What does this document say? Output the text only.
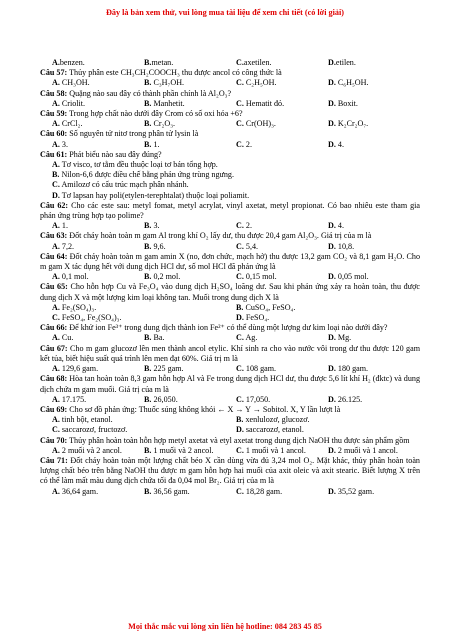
Đây là bản xem thử, vui lòng mua tài liệu để xem chi tiết (có lời giải)
A.benzen.	B.metan.	C.axetilen.	D.etilen.
Câu 57: Thủy phân este CH₃CH₂COOCH₃ thu được ancol có công thức là
A. CH₃OH.	B. C₃H₇OH.	C. C₂H₅OH.	D. C₆H₅OH.
Câu 58: Quặng nào sau đây có thành phần chính là Al₂O₃?
A. Criolit.	B. Manhetit.	C. Hematit đỏ.	D. Boxit.
Câu 59: Trong hợp chất nào dưới đây Crom có số oxi hóa +6?
A. CrCl₂.	B. Cr₂O₃.	C. Cr(OH)₃.	D. K₂Cr₂O₇.
Câu 60: Số nguyên tử nitơ trong phân tử lysin là
A. 3.	B. 1.	C. 2.	D. 4.
Câu 61: Phát biểu nào sau đây đúng?
A. Tơ visco, tơ tằm đều thuộc loại tơ bán tổng hợp.
B. Nilon-6,6 được điều chế bằng phản ứng trùng ngưng.
C. Amilozơ có cấu trúc mạch phân nhánh.
D. Tơ lapsan hay poli(etylen-terephtalat) thuộc loại poliamit.
Câu 62: Cho các este sau: metyl fomat, metyl acrylat, vinyl axetat, metyl propionat. Có bao nhiêu este tham gia phản ứng trùng hợp tạo polime?
A. 1.	B. 3.	C. 2.	D. 4.
Câu 63: Đốt cháy hoàn toàn m gam Al trong khí O₂ lấy dư, thu được 20,4 gam Al₂O₃. Giá trị của m là
A. 7,2.	B. 9,6.	C. 5,4.	D. 10,8.
Câu 64: Đốt cháy hoàn toàn m gam amin X (no, đơn chức, mạch hở) thu được 13,2 gam CO₂ và 8,1 gam H₂O. Cho m gam X tác dụng hết với dung dịch HCl dư, số mol HCl đã phản ứng là
A. 0,1 mol.	B. 0,2 mol.	C. 0,15 mol.	D. 0,05 mol.
Câu 65: Cho hỗn hợp Cu và Fe₃O₄ vào dung dịch H₂SO₄ loãng dư. Sau khi phản ứng xảy ra hoàn toàn, thu được dung dịch X và một lượng kim loại không tan. Muối trong dung dịch X là
A. Fe₂(SO₄)₃.	B. CuSO₄, FeSO₄.
C. FeSO₄, Fe₂(SO₄)₃.	D. FeSO₄.
Câu 66: Để khử ion Fe³⁺ trong dung dịch thành ion Fe²⁺ có thể dùng một lượng dư kim loại nào dưới đây?
A. Cu.	B. Ba.	C. Ag.	D. Mg.
Câu 67: Cho m gam glucozơ lên men thành ancol etylic. Khí sinh ra cho vào nước vôi trong dư thu được 120 gam kết tủa, biết hiệu suất quá trình lên men đạt 60%. Giá trị m là
A. 129,6 gam.	B. 225 gam.	C. 108 gam.	D. 180 gam.
Câu 68: Hòa tan hoàn toàn 8,3 gam hỗn hợp Al và Fe trong dung dịch HCl dư, thu được 5,6 lít khí H₂ (đktc) và dung dịch chứa m gam muối. Giá trị của m là
A. 17.175.	B. 26,050.	C. 17,050.	D. 26.125.
Câu 69: Cho sơ đồ phản ứng: Thuốc súng không khói ← X → Y → Sobitol. X, Y lần lượt là
A. tinh bột, etanol.	B. xenlulozơ, glucozơ.
C. saccarozơ, fructozơ.	D. saccarozơ, etanol.
Câu 70: Thủy phân hoàn toàn hỗn hợp metyl axetat và etyl axetat trong dung dịch NaOH thu được sản phẩm gồm
A. 2 muối và 2 ancol.	B. 1 muối và 2 ancol.	C. 1 muối và 1 ancol.	D. 2 muối và 1 ancol.
Câu 71: Đốt cháy hoàn toàn một lượng chất béo X cần dùng vừa đủ 3,24 mol O₂. Mặt khác, thủy phân hoàn toàn lượng chất béo trên bằng NaOH thu được m gam hỗn hợp hai muối của axit oleic và axit stearic. Biết lượng X trên có thể làm mất màu dung dịch chứa tối đa 0,04 mol Br₂. Giá trị của m là
A. 36,64 gam.	B. 36,56 gam.	C. 18,28 gam.	D. 35,52 gam.
Mọi thắc mắc vui lòng xin liên hệ hotline: 084 283 45 85
